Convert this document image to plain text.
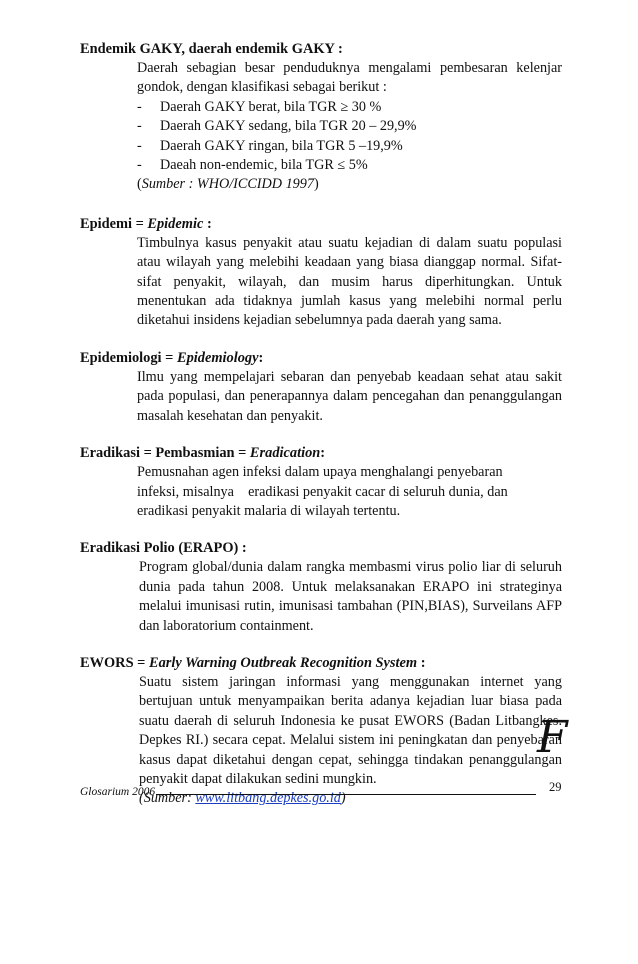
Endemik GAKY, daerah endemik GAKY :

Daerah sebagian besar penduduknya mengalami pembesaran kelenjar gondok, dengan klasifikasi sebagai berikut :

- Daerah GAKY berat, bila TGR ≥ 30 %
- Daerah GAKY sedang, bila TGR 20 – 29,9%
- Daerah GAKY ringan, bila TGR 5 –19,9%
- Daeah non-endemic, bila TGR ≤ 5%

(Sumber : WHO/ICCIDD 1997)

Epidemi = Epidemic :

Timbulnya kasus penyakit atau suatu kejadian di dalam suatu populasi atau wilayah yang melebihi keadaan yang biasa dianggap normal. Sifat-sifat penyakit, wilayah, dan musim harus diperhitungkan. Untuk menentukan ada tidaknya jumlah kasus yang melebihi normal perlu diketahui insidens kejadian sebelumnya pada daerah yang sama.

Epidemiologi = Epidemiology:

Ilmu yang mempelajari sebaran dan penyebab keadaan sehat atau sakit pada populasi, dan penerapannya dalam pencegahan dan penanggulangan masalah kesehatan dan penyakit.

Eradikasi = Pembasmian = Eradication:

Pemusnahan agen infeksi dalam upaya menghalangi penyebaran

infeksi, misalnya    eradikasi penyakit cacar di seluruh dunia, dan

eradikasi penyakit malaria di wilayah tertentu.

Eradikasi Polio (ERAPO) :

Program global/dunia dalam rangka membasmi virus polio liar di seluruh dunia pada tahun 2008. Untuk melaksanakan ERAPO ini strateginya melalui imunisasi rutin, imunisasi tambahan (PIN,BIAS), Surveilans AFP dan laboratorium containment.

EWORS = Early Warning Outbreak Recognition System :

Suatu sistem jaringan informasi yang menggunakan internet yang bertujuan untuk menyampaikan berita adanya kejadian luar biasa pada suatu daerah di seluruh Indonesia ke pusat EWORS (Badan Litbangkes. Depkes RI.) secara cepat. Melalui sistem ini peningkatan dan penyebaran kasus dapat diketahui dengan cepat, sehingga tindakan penanggulangan penyakit dapat dilakukan sedini mungkin.

(Sumber: www.litbang.depkes.go.id)

F
Glosarium 2006	29
